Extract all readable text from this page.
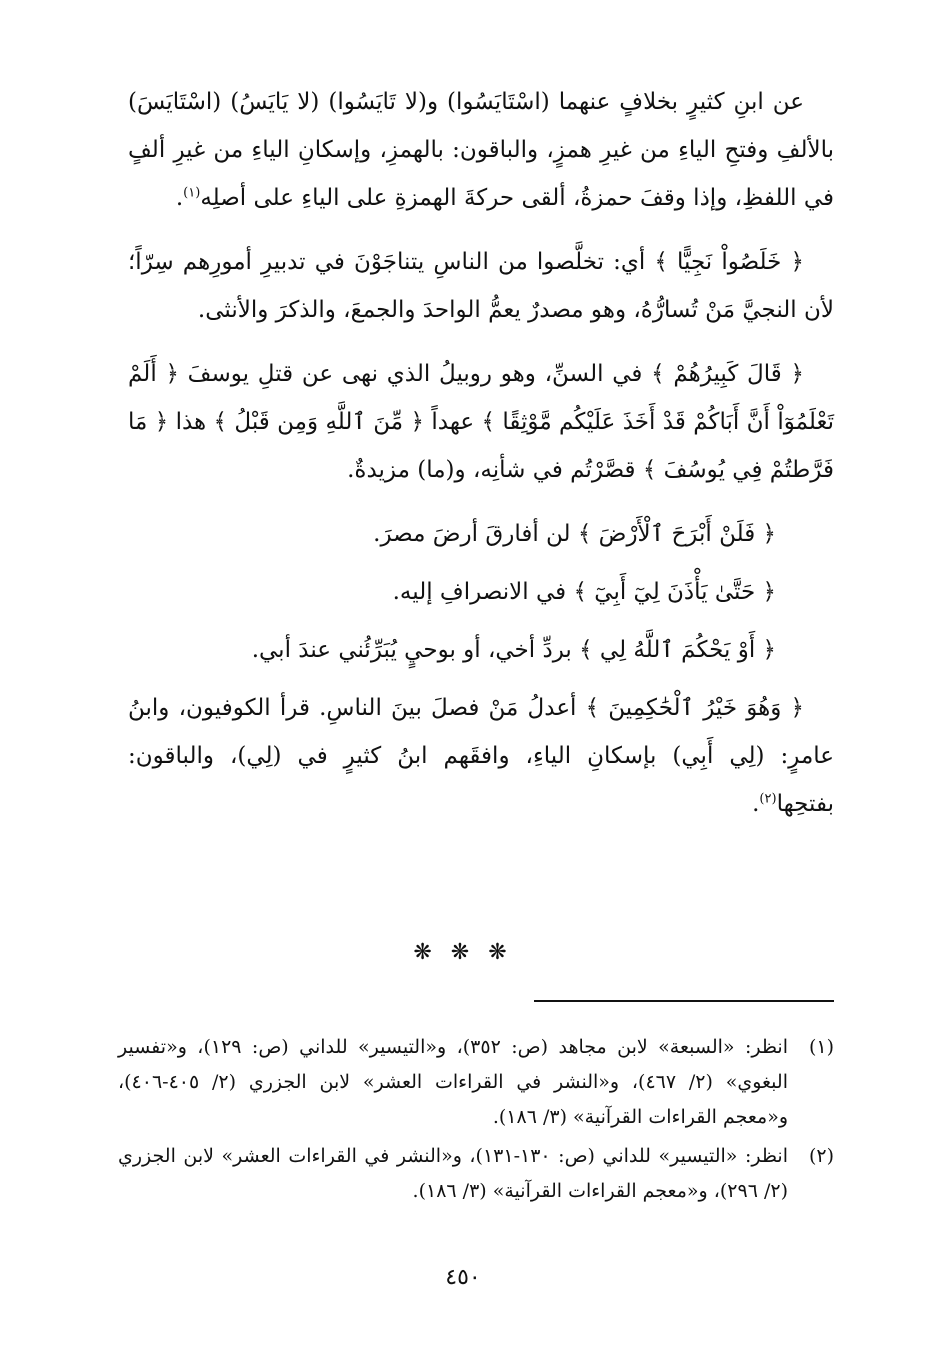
عن ابنِ كثيرٍ بخلافٍ عنهما (اسْتَايَسُوا) و(لا تَايَسُوا) (لا يَايَسُ) (اسْتَايَسَ) بالألفِ وفتحِ الياءِ من غيرِ همزٍ، والباقون: بالهمزِ، وإسكانِ الياءِ من غيرِ ألفٍ في اللفظِ، وإذا وقفَ حمزةُ، ألقى حركةَ الهمزةِ على الياءِ على أصلِه$^{(١)}$.

﴿ خَلَصُواْ نَجِيًّا ﴾ أي: تخلَّصوا من الناسِ يتناجَوْنَ في تدبيرِ أمورِهم سِرّاً؛ لأن النجيَّ مَنْ تُسارُّهُ، وهو مصدرٌ يعمُّ الواحدَ والجمعَ، والذكرَ والأنثى.

﴿ قَالَ كَبِيرُهُمْ ﴾ في السنِّ، وهو روبيلُ الذي نهى عن قتلِ يوسفَ ﴿ أَلَمْ تَعْلَمُوٓاْ أَنَّ أَبَاكُمْ قَدْ أَخَذَ عَلَيْكُم مَّوْثِقًا ﴾ عهداً ﴿ مِّنَ ٱللَّهِ وَمِن قَبْلُ ﴾ هذا ﴿ مَا فَرَّطتُمْ فِي يُوسُفَ ﴾ قصَّرْتُم في شأنِه، و(ما) مزيدةٌ.

﴿ فَلَنْ أَبْرَحَ ٱلْأَرْضَ ﴾ لن أفارقَ أرضَ مصرَ.

﴿ حَتَّىٰ يَأْذَنَ لِيٓ أَبِيٓ ﴾ في الانصرافِ إليه.

﴿ أَوْ يَحْكُمَ ٱللَّهُ لِي ﴾ بردِّ أخي، أو بوحيٍ يُبَرِّئُني عندَ أبي.

﴿ وَهُوَ خَيْرُ ٱلْحَٰكِمِينَ ﴾ أعدلُ مَنْ فصلَ بينَ الناسِ. قرأ الكوفيون، وابنُ عامرٍ: (لِي أَبِي) بإسكانِ الياءِ، وافقَهم ابنُ كثيرٍ في (لِي)، والباقون: بفتحِها$^{(٢)}$.

❋ ❋ ❋
(١)
انظر: «السبعة» لابن مجاهد (ص: ٣٥٢)، و«التيسير» للداني (ص: ١٢٩)، و«تفسير البغوي» (٢/ ٤٦٧)، و«النشر في القراءات العشر» لابن الجزري (٢/ ٤٠٥-٤٠٦)، و«معجم القراءات القرآنية» (٣/ ١٨٦).
(٢)
انظر: «التيسير» للداني (ص: ١٣٠-١٣١)، و«النشر في القراءات العشر» لابن الجزري (٢/ ٢٩٦)، و«معجم القراءات القرآنية» (٣/ ١٨٦).
٤٥٠
